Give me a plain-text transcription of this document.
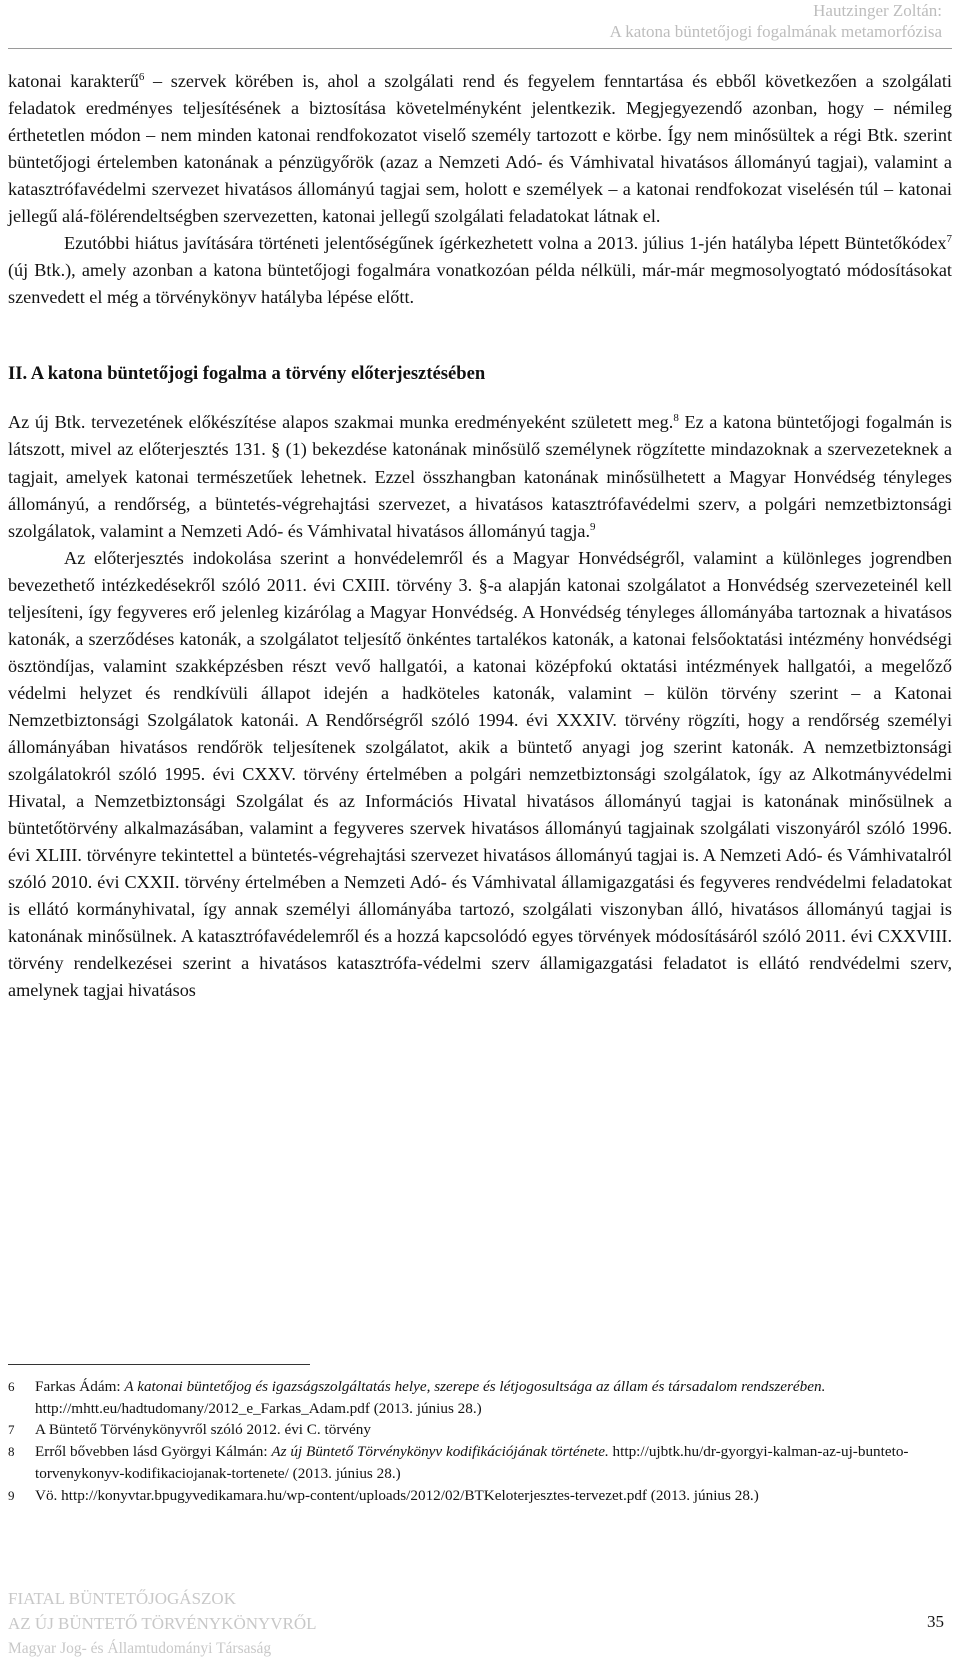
Hautzinger Zoltán:
A katona büntetőjogi fogalmának metamorfózisa

katonai karakterű$^6$ – szervek körében is, ahol a szolgálati rend és fegyelem fenntartása és ebből következően a szolgálati feladatok eredményes teljesítésének a biztosítása követelményként jelentkezik. Megjegyezendő azonban, hogy – némileg érthetetlen módon – nem minden katonai rendfokozatot viselő személy tartozott e körbe. Így nem minősültek a régi Btk. szerint büntetőjogi értelemben katonának a pénzügyőrök (azaz a Nemzeti Adó- és Vámhivatal hivatásos állományú tagjai), valamint a katasztrófavédelmi szervezet hivatásos állományú tagjai sem, holott e személyek – a katonai rendfokozat viselésén túl – katonai jellegű alá-fölérendeltségben szervezetten, katonai jellegű szolgálati feladatokat látnak el.

Ezutóbbi hiátus javítására történeti jelentőségűnek ígérkezhetett volna a 2013. július 1-jén hatályba lépett Büntetőkódex$^7$ (új Btk.), amely azonban a katona büntetőjogi fogalmára vonatkozóan példa nélküli, már-már megmosolyogtató módosításokat szenvedett el még a törvénykönyv hatályba lépése előtt.

II. A katona büntetőjogi fogalma a törvény előterjesztésében

Az új Btk. tervezetének előkészítése alapos szakmai munka eredményeként született meg.$^8$ Ez a katona büntetőjogi fogalmán is látszott, mivel az előterjesztés 131. § (1) bekezdése katonának minősülő személynek rögzítette mindazoknak a szervezeteknek a tagjait, amelyek katonai természetűek lehetnek. Ezzel összhangban katonának minősülhetett a Magyar Honvédség tényleges állományú, a rendőrség, a büntetés-végrehajtási szervezet, a hivatásos katasztrófavédelmi szerv, a polgári nemzetbiztonsági szolgálatok, valamint a Nemzeti Adó- és Vámhivatal hivatásos állományú tagja.$^9$

Az előterjesztés indokolása szerint a honvédelemről és a Magyar Honvédségről, valamint a különleges jogrendben bevezethető intézkedésekről szóló 2011. évi CXIII. törvény 3. §-a alapján katonai szolgálatot a Honvédség szervezeteinél kell teljesíteni, így fegyveres erő jelenleg kizárólag a Magyar Honvédség. A Honvédség tényleges állományába tartoznak a hivatásos katonák, a szerződéses katonák, a szolgálatot teljesítő önkéntes tartalékos katonák, a katonai felsőoktatási intézmény honvédségi ösztöndíjas, valamint szakképzésben részt vevő hallgatói, a katonai középfokú oktatási intézmények hallgatói, a megelőző védelmi helyzet és rendkívüli állapot idején a hadköteles katonák, valamint – külön törvény szerint – a Katonai Nemzetbiztonsági Szolgálatok katonái. A Rendőrségről szóló 1994. évi XXXIV. törvény rögzíti, hogy a rendőrség személyi állományában hivatásos rendőrök teljesítenek szolgálatot, akik a büntető anyagi jog szerint katonák. A nemzetbiztonsági szolgálatokról szóló 1995. évi CXXV. törvény értelmében a polgári nemzetbiztonsági szolgálatok, így az Alkotmányvédelmi Hivatal, a Nemzetbiztonsági Szolgálat és az Információs Hivatal hivatásos állományú tagjai is katonának minősülnek a büntetőtörvény alkalmazásában, valamint a fegyveres szervek hivatásos állományú tagjainak szolgálati viszonyáról szóló 1996. évi XLIII. törvényre tekintettel a büntetés-végrehajtási szervezet hivatásos állományú tagjai is. A Nemzeti Adó- és Vámhivatalról szóló 2010. évi CXXII. törvény értelmében a Nemzeti Adó- és Vámhivatal államigazgatási és fegyveres rendvédelmi feladatokat is ellátó kormányhivatal, így annak személyi állományába tartozó, szolgálati viszonyban álló, hivatásos állományú tagjai is katonának minősülnek. A katasztrófavédelemről és a hozzá kapcsolódó egyes törvények módosításáról szóló 2011. évi CXXVIII. törvény rendelkezései szerint a hivatásos katasztrófa-védelmi szerv államigazgatási feladatot is ellátó rendvédelmi szerv, amelynek tagjai hivatásos

6 Farkas Ádám: A katonai büntetőjog és igazságszolgáltatás helye, szerepe és létjogosultsága az állam és társadalom rendszerében. http://mhtt.eu/hadtudomany/2012_e_Farkas_Adam.pdf (2013. június 28.)

7 A Büntető Törvénykönyvről szóló 2012. évi C. törvény

8 Erről bővebben lásd Györgyi Kálmán: Az új Büntető Törvénykönyv kodifikációjának története. http://ujbtk.hu/dr-gyorgyi-kalman-az-uj-bunteto-torvenykonyv-kodifikaciojanak-tortenete/ (2013. június 28.)

9 Vö. http://konyvtar.bpugyvedikamara.hu/wp-content/uploads/2012/02/BTKeloterjesztes-tervezet.pdf (2013. június 28.)

FIATAL BÜNTETŐJOGÁSZOK
AZ ÚJ BÜNTETŐ TÖRVÉNYKÖNYVRŐL
Magyar Jog- és Államtudományi Társaság
35
